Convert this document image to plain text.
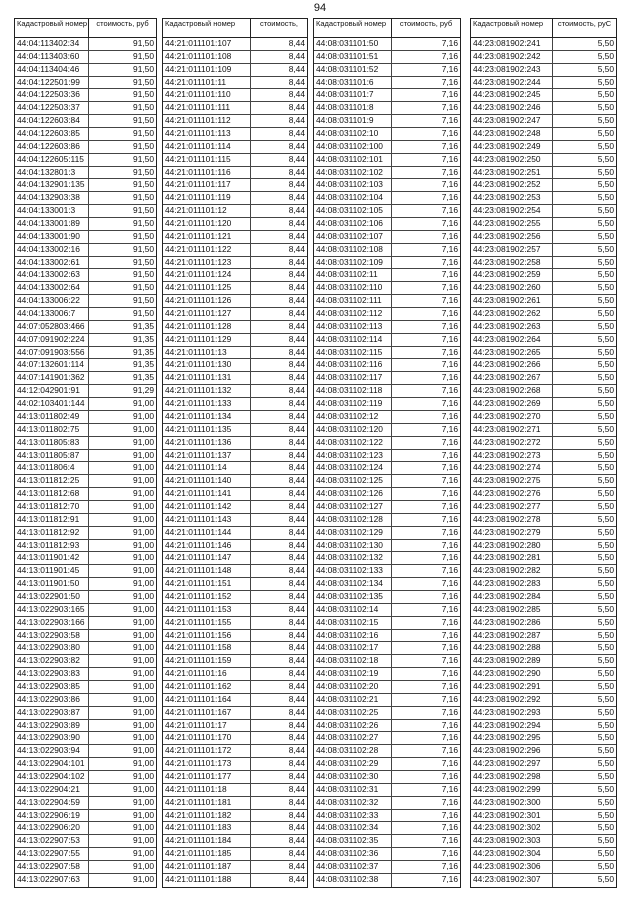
94
Кадастровый номер	стоимость, руб
44:04:113402:34	91,50
44:04:113403:60	91,50
44:04:113404:46	91,50
44:04:122501:99	91,50
44:04:122503:36	91,50
44:04:122503:37	91,50
44:04:122603:84	91,50
44:04:122603:85	91,50
44:04:122603:86	91,50
44:04:122605:115	91,50
44:04:132801:3	91,50
44:04:132901:135	91,50
44:04:132903:38	91,50
44:04:133001:3	91,50
44:04:133001:89	91,50
44:04:133001:90	91,50
44:04:133002:16	91,50
44:04:133002:61	91,50
44:04:133002:63	91,50
44:04:133002:64	91,50
44:04:133006:22	91,50
44:04:133006:7	91,50
44:07:052803:466	91,35
44:07:091902:224	91,35
44:07:091903:556	91,35
44:07:132601:114	91,35
44:07:141901:362	91,35
44:12:042901:91	91,29
44:02:103401:144	91,00
44:13:011802:49	91,00
44:13:011802:75	91,00
44:13:011805:83	91,00
44:13:011805:87	91,00
44:13:011806:4	91,00
44:13:011812:25	91,00
44:13:011812:68	91,00
44:13:011812:70	91,00
44:13:011812:91	91,00
44:13:011812:92	91,00
44:13:011812:93	91,00
44:13:011901:42	91,00
44:13:011901:45	91,00
44:13:011901:50	91,00
44:13:022901:50	91,00
44:13:022903:165	91,00
44:13:022903:166	91,00
44:13:022903:58	91,00
44:13:022903:80	91,00
44:13:022903:82	91,00
44:13:022903:83	91,00
44:13:022903:85	91,00
44:13:022903:86	91,00
44:13:022903:87	91,00
44:13:022903:89	91,00
44:13:022903:90	91,00
44:13:022903:94	91,00
44:13:022904:101	91,00
44:13:022904:102	91,00
44:13:022904:21	91,00
44:13:022904:59	91,00
44:13:022906:19	91,00
44:13:022906:20	91,00
44:13:022907:53	91,00
44:13:022907:55	91,00
44:13:022907:58	91,00
44:13:022907:63	91,00
Кадастровый номер	стоимость,
44:21:011101:107	8,44
44:21:011101:108	8,44
44:21:011101:109	8,44
44:21:011101:11	8,44
44:21:011101:110	8,44
44:21:011101:111	8,44
44:21:011101:112	8,44
44:21:011101:113	8,44
44:21:011101:114	8,44
44:21:011101:115	8,44
44:21:011101:116	8,44
44:21:011101:117	8,44
44:21:011101:119	8,44
44:21:011101:12	8,44
44:21:011101:120	8,44
44:21:011101:121	8,44
44:21:011101:122	8,44
44:21:011101:123	8,44
44:21:011101:124	8,44
44:21:011101:125	8,44
44:21:011101:126	8,44
44:21:011101:127	8,44
44:21:011101:128	8,44
44:21:011101:129	8,44
44:21:011101:13	8,44
44:21:011101:130	8,44
44:21:011101:131	8,44
44:21:011101:132	8,44
44:21:011101:133	8,44
44:21:011101:134	8,44
44:21:011101:135	8,44
44:21:011101:136	8,44
44:21:011101:137	8,44
44:21:011101:14	8,44
44:21:011101:140	8,44
44:21:011101:141	8,44
44:21:011101:142	8,44
44:21:011101:143	8,44
44:21:011101:144	8,44
44:21:011101:146	8,44
44:21:011101:147	8,44
44:21:011101:148	8,44
44:21:011101:151	8,44
44:21:011101:152	8,44
44:21:011101:153	8,44
44:21:011101:155	8,44
44:21:011101:156	8,44
44:21:011101:158	8,44
44:21:011101:159	8,44
44:21:011101:16	8,44
44:21:011101:162	8,44
44:21:011101:164	8,44
44:21:011101:167	8,44
44:21:011101:17	8,44
44:21:011101:170	8,44
44:21:011101:172	8,44
44:21:011101:173	8,44
44:21:011101:177	8,44
44:21:011101:18	8,44
44:21:011101:181	8,44
44:21:011101:182	8,44
44:21:011101:183	8,44
44:21:011101:184	8,44
44:21:011101:185	8,44
44:21:011101:187	8,44
44:21:011101:188	8,44
Кадастровый номер	стоимость, руб
44:08:031101:50	7,16
44:08:031101:51	7,16
44:08:031101:52	7,16
44:08:031101:6	7,16
44:08:031101:7	7,16
44:08:031101:8	7,16
44:08:031101:9	7,16
44:08:031102:10	7,16
44:08:031102:100	7,16
44:08:031102:101	7,16
44:08:031102:102	7,16
44:08:031102:103	7,16
44:08:031102:104	7,16
44:08:031102:105	7,16
44:08:031102:106	7,16
44:08:031102:107	7,16
44:08:031102:108	7,16
44:08:031102:109	7,16
44:08:031102:11	7,16
44:08:031102:110	7,16
44:08:031102:111	7,16
44:08:031102:112	7,16
44:08:031102:113	7,16
44:08:031102:114	7,16
44:08:031102:115	7,16
44:08:031102:116	7,16
44:08:031102:117	7,16
44:08:031102:118	7,16
44:08:031102:119	7,16
44:08:031102:12	7,16
44:08:031102:120	7,16
44:08:031102:122	7,16
44:08:031102:123	7,16
44:08:031102:124	7,16
44:08:031102:125	7,16
44:08:031102:126	7,16
44:08:031102:127	7,16
44:08:031102:128	7,16
44:08:031102:129	7,16
44:08:031102:130	7,16
44:08:031102:132	7,16
44:08:031102:133	7,16
44:08:031102:134	7,16
44:08:031102:135	7,16
44:08:031102:14	7,16
44:08:031102:15	7,16
44:08:031102:16	7,16
44:08:031102:17	7,16
44:08:031102:18	7,16
44:08:031102:19	7,16
44:08:031102:20	7,16
44:08:031102:21	7,16
44:08:031102:25	7,16
44:08:031102:26	7,16
44:08:031102:27	7,16
44:08:031102:28	7,16
44:08:031102:29	7,16
44:08:031102:30	7,16
44:08:031102:31	7,16
44:08:031102:32	7,16
44:08:031102:33	7,16
44:08:031102:34	7,16
44:08:031102:35	7,16
44:08:031102:36	7,16
44:08:031102:37	7,16
44:08:031102:38	7,16
Кадастровый номер	стоимость, руС
44:23:081902:241	5,50
44:23:081902:242	5,50
44:23:081902:243	5,50
44:23:081902:244	5,50
44:23:081902:245	5,50
44:23:081902:246	5,50
44:23:081902:247	5,50
44:23:081902:248	5,50
44:23:081902:249	5,50
44:23:081902:250	5,50
44:23:081902:251	5,50
44:23:081902:252	5,50
44:23:081902:253	5,50
44:23:081902:254	5,50
44:23:081902:255	5,50
44:23:081902:256	5,50
44:23:081902:257	5,50
44:23:081902:258	5,50
44:23:081902:259	5,50
44:23:081902:260	5,50
44:23:081902:261	5,50
44:23:081902:262	5,50
44:23:081902:263	5,50
44:23:081902:264	5,50
44:23:081902:265	5,50
44:23:081902:266	5,50
44:23:081902:267	5,50
44:23:081902:268	5,50
44:23:081902:269	5,50
44:23:081902:270	5,50
44:23:081902:271	5,50
44:23:081902:272	5,50
44:23:081902:273	5,50
44:23:081902:274	5,50
44:23:081902:275	5,50
44:23:081902:276	5,50
44:23:081902:277	5,50
44:23:081902:278	5,50
44:23:081902:279	5,50
44:23:081902:280	5,50
44:23:081902:281	5,50
44:23:081902:282	5,50
44:23:081902:283	5,50
44:23:081902:284	5,50
44:23:081902:285	5,50
44:23:081902:286	5,50
44:23:081902:287	5,50
44:23:081902:288	5,50
44:23:081902:289	5,50
44:23:081902:290	5,50
44:23:081902:291	5,50
44:23:081902:292	5,50
44:23:081902:293	5,50
44:23:081902:294	5,50
44:23:081902:295	5,50
44:23:081902:296	5,50
44:23:081902:297	5,50
44:23:081902:298	5,50
44:23:081902:299	5,50
44:23:081902:300	5,50
44:23:081902:301	5,50
44:23:081902:302	5,50
44:23:081902:303	5,50
44:23:081902:304	5,50
44:23:081902:306	5,50
44:23:081902:307	5,50
